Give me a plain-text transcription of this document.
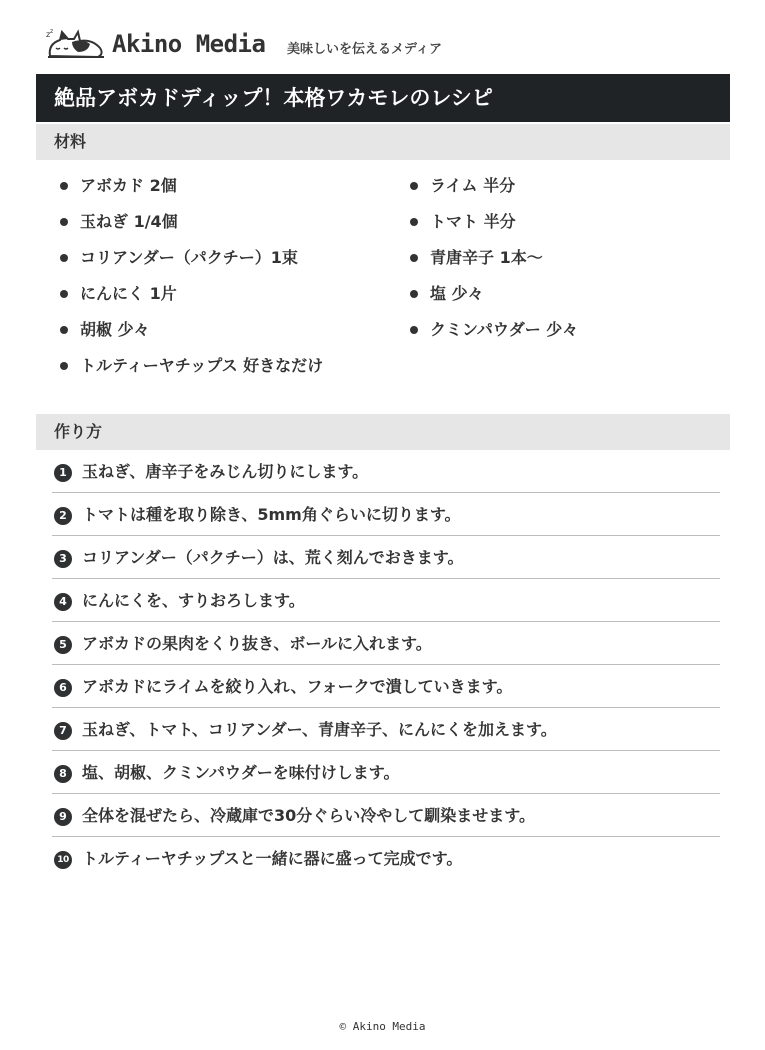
z z Akino Media 美味しいを伝えるメディア
絶品アボカドディップ！本格ワカモレのレシピ
材料
アボカド 2個
玉ねぎ 1/4個
コリアンダー（パクチー）1束
にんにく 1片
胡椒 少々
トルティーヤチップス 好きなだけ
ライム 半分
トマト 半分
青唐辛子 1本～
塩 少々
クミンパウダー 少々
作り方
1 玉ねぎ、唐辛子をみじん切りにします。
2 トマトは種を取り除き、5mm角ぐらいに切ります。
3 コリアンダー（パクチー）は、荒く刻んでおきます。
4 にんにくを、すりおろします。
5 アボカドの果肉をくり抜き、ボールに入れます。
6 アボカドにライムを絞り入れ、フォークで潰していきます。
7 玉ねぎ、トマト、コリアンダー、青唐辛子、にんにくを加えます。
8 塩、胡椒、クミンパウダーを味付けします。
9 全体を混ぜたら、冷蔵庫で30分ぐらい冷やして馴染ませます。
10 トルティーヤチップスと一緒に器に盛って完成です。
© Akino Media
